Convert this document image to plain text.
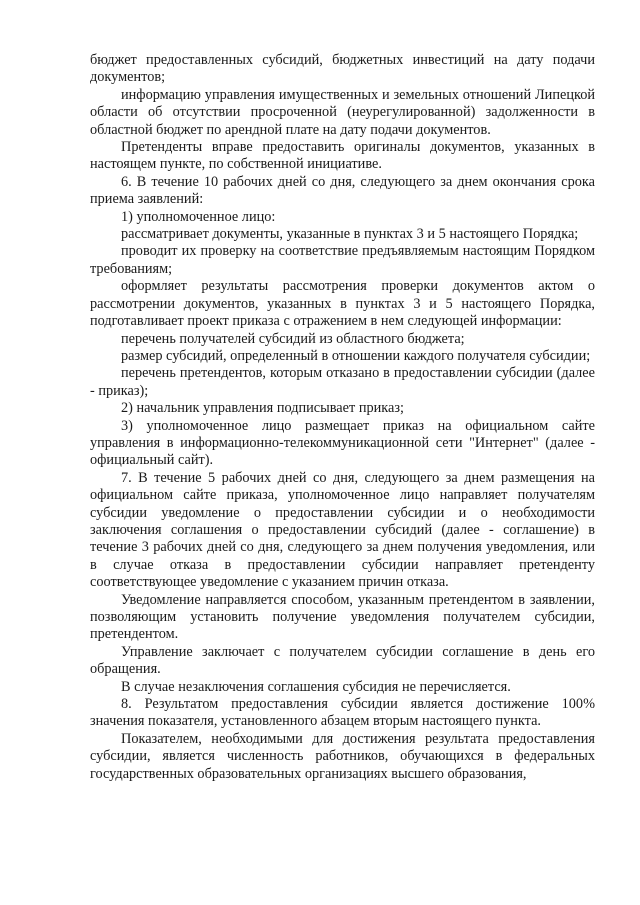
бюджет предоставленных субсидий, бюджетных инвестиций на дату подачи документов;

информацию управления имущественных и земельных отношений Липецкой области об отсутствии просроченной (неурегулированной) задолженности в областной бюджет по арендной плате на дату подачи документов.

Претенденты вправе предоставить оригиналы документов, указанных в настоящем пункте, по собственной инициативе.

6. В течение 10 рабочих дней со дня, следующего за днем окончания срока приема заявлений:

1) уполномоченное лицо:

рассматривает документы, указанные в пунктах 3 и 5 настоящего Порядка;

проводит их проверку на соответствие предъявляемым настоящим Порядком требованиям;

оформляет результаты рассмотрения проверки документов актом о рассмотрении документов, указанных в пунктах 3 и 5 настоящего Порядка, подготавливает проект приказа с отражением в нем следующей информации:

перечень получателей субсидий из областного бюджета;

размер субсидий, определенный в отношении каждого получателя субсидии;

перечень претендентов, которым отказано в предоставлении субсидии (далее - приказ);

2) начальник управления подписывает приказ;

3) уполномоченное лицо размещает приказ на официальном сайте управления в информационно-телекоммуникационной сети "Интернет" (далее - официальный сайт).

7. В течение 5 рабочих дней со дня, следующего за днем размещения на официальном сайте приказа, уполномоченное лицо направляет получателям субсидии уведомление о предоставлении субсидии и о необходимости заключения соглашения о предоставлении субсидий (далее - соглашение) в течение 3 рабочих дней со дня, следующего за днем получения уведомления, или в случае отказа в предоставлении субсидии направляет претенденту соответствующее уведомление с указанием причин отказа.

Уведомление направляется способом, указанным претендентом в заявлении, позволяющим установить получение уведомления получателем субсидии, претендентом.

Управление заключает с получателем субсидии соглашение в день его обращения.

В случае незаключения соглашения субсидия не перечисляется.

8. Результатом предоставления субсидии является достижение 100% значения показателя, установленного абзацем вторым настоящего пункта.

Показателем, необходимыми для достижения результата предоставления субсидии, является численность работников, обучающихся в федеральных государственных образовательных организациях высшего образования,
